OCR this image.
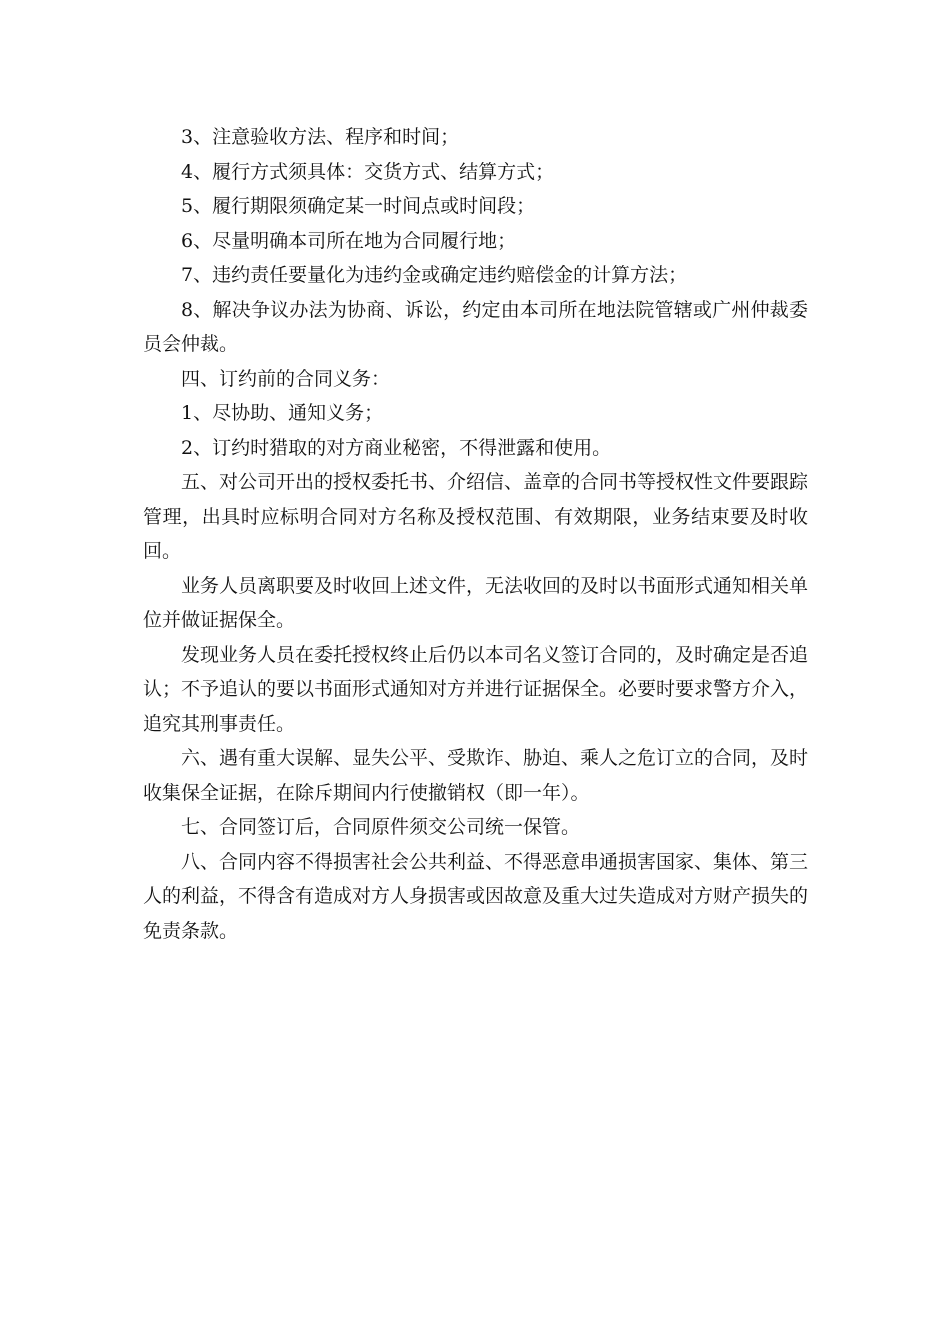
3、注意验收方法、程序和时间；

4、履行方式须具体：交货方式、结算方式；

5、履行期限须确定某一时间点或时间段；

6、尽量明确本司所在地为合同履行地；

7、违约责任要量化为违约金或确定违约赔偿金的计算方法；

8、解决争议办法为协商、诉讼，约定由本司所在地法院管辖或广州仲裁委员会仲裁。

四、订约前的合同义务：

1、尽协助、通知义务；

2、订约时猎取的对方商业秘密，不得泄露和使用。

五、对公司开出的授权委托书、介绍信、盖章的合同书等授权性文件要跟踪管理，出具时应标明合同对方名称及授权范围、有效期限，业务结束要及时收回。

业务人员离职要及时收回上述文件，无法收回的及时以书面形式通知相关单位并做证据保全。

发现业务人员在委托授权终止后仍以本司名义签订合同的，及时确定是否追认；不予追认的要以书面形式通知对方并进行证据保全。必要时要求警方介入，追究其刑事责任。

六、遇有重大误解、显失公平、受欺诈、胁迫、乘人之危订立的合同，及时收集保全证据，在除斥期间内行使撤销权（即一年）。

七、合同签订后，合同原件须交公司统一保管。

八、合同内容不得损害社会公共利益、不得恶意串通损害国家、集体、第三人的利益，不得含有造成对方人身损害或因故意及重大过失造成对方财产损失的免责条款。
